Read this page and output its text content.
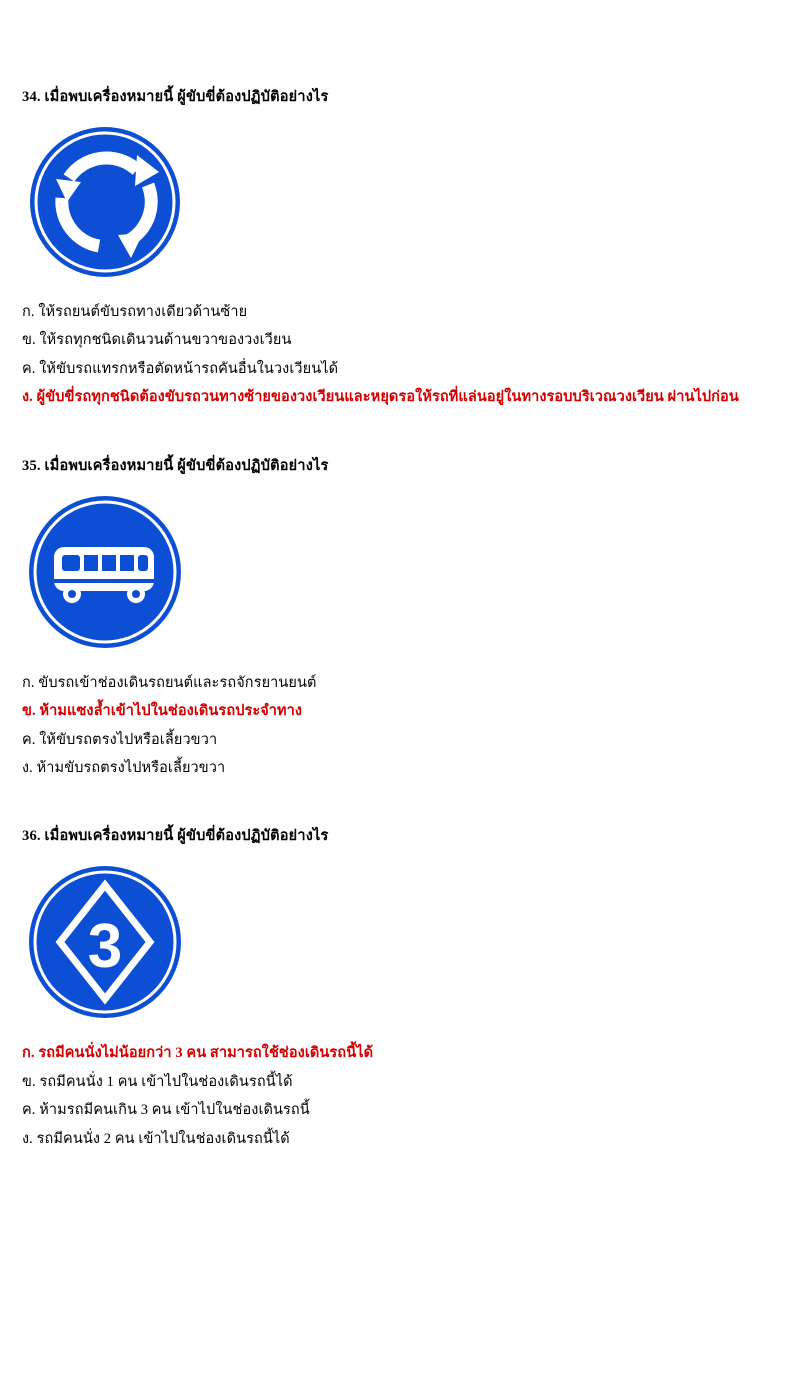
34. เมื่อพบเครื่องหมายนี้ ผู้ขับขี่ต้องปฏิบัติอย่างไร

ก. ให้รถยนต์ขับรถทางเดียวด้านซ้าย

ข. ให้รถทุกชนิดเดินวนด้านขวาของวงเวียน

ค. ให้ขับรถแทรกหรือตัดหน้ารถคันอื่นในวงเวียนได้

ง. ผู้ขับขี่รถทุกชนิดต้องขับรถวนทางซ้ายของวงเวียนและหยุดรอให้รถที่แล่นอยู่ในทางรอบบริเวณวงเวียน ผ่านไปก่อน

35. เมื่อพบเครื่องหมายนี้ ผู้ขับขี่ต้องปฏิบัติอย่างไร

ก. ขับรถเข้าช่องเดินรถยนต์และรถจักรยานยนต์

ข. ห้ามแซงล้ำเข้าไปในช่องเดินรถประจำทาง

ค. ให้ขับรถตรงไปหรือเลี้ยวขวา

ง. ห้ามขับรถตรงไปหรือเลี้ยวขวา

36. เมื่อพบเครื่องหมายนี้ ผู้ขับขี่ต้องปฏิบัติอย่างไร

3

ก. รถมีคนนั่งไม่น้อยกว่า 3 คน สามารถใช้ช่องเดินรถนี้ได้

ข. รถมีคนนั่ง 1 คน เข้าไปในช่องเดินรถนี้ได้

ค. ห้ามรถมีคนเกิน 3 คน เข้าไปในช่องเดินรถนี้

ง. รถมีคนนั่ง 2 คน เข้าไปในช่องเดินรถนี้ได้
